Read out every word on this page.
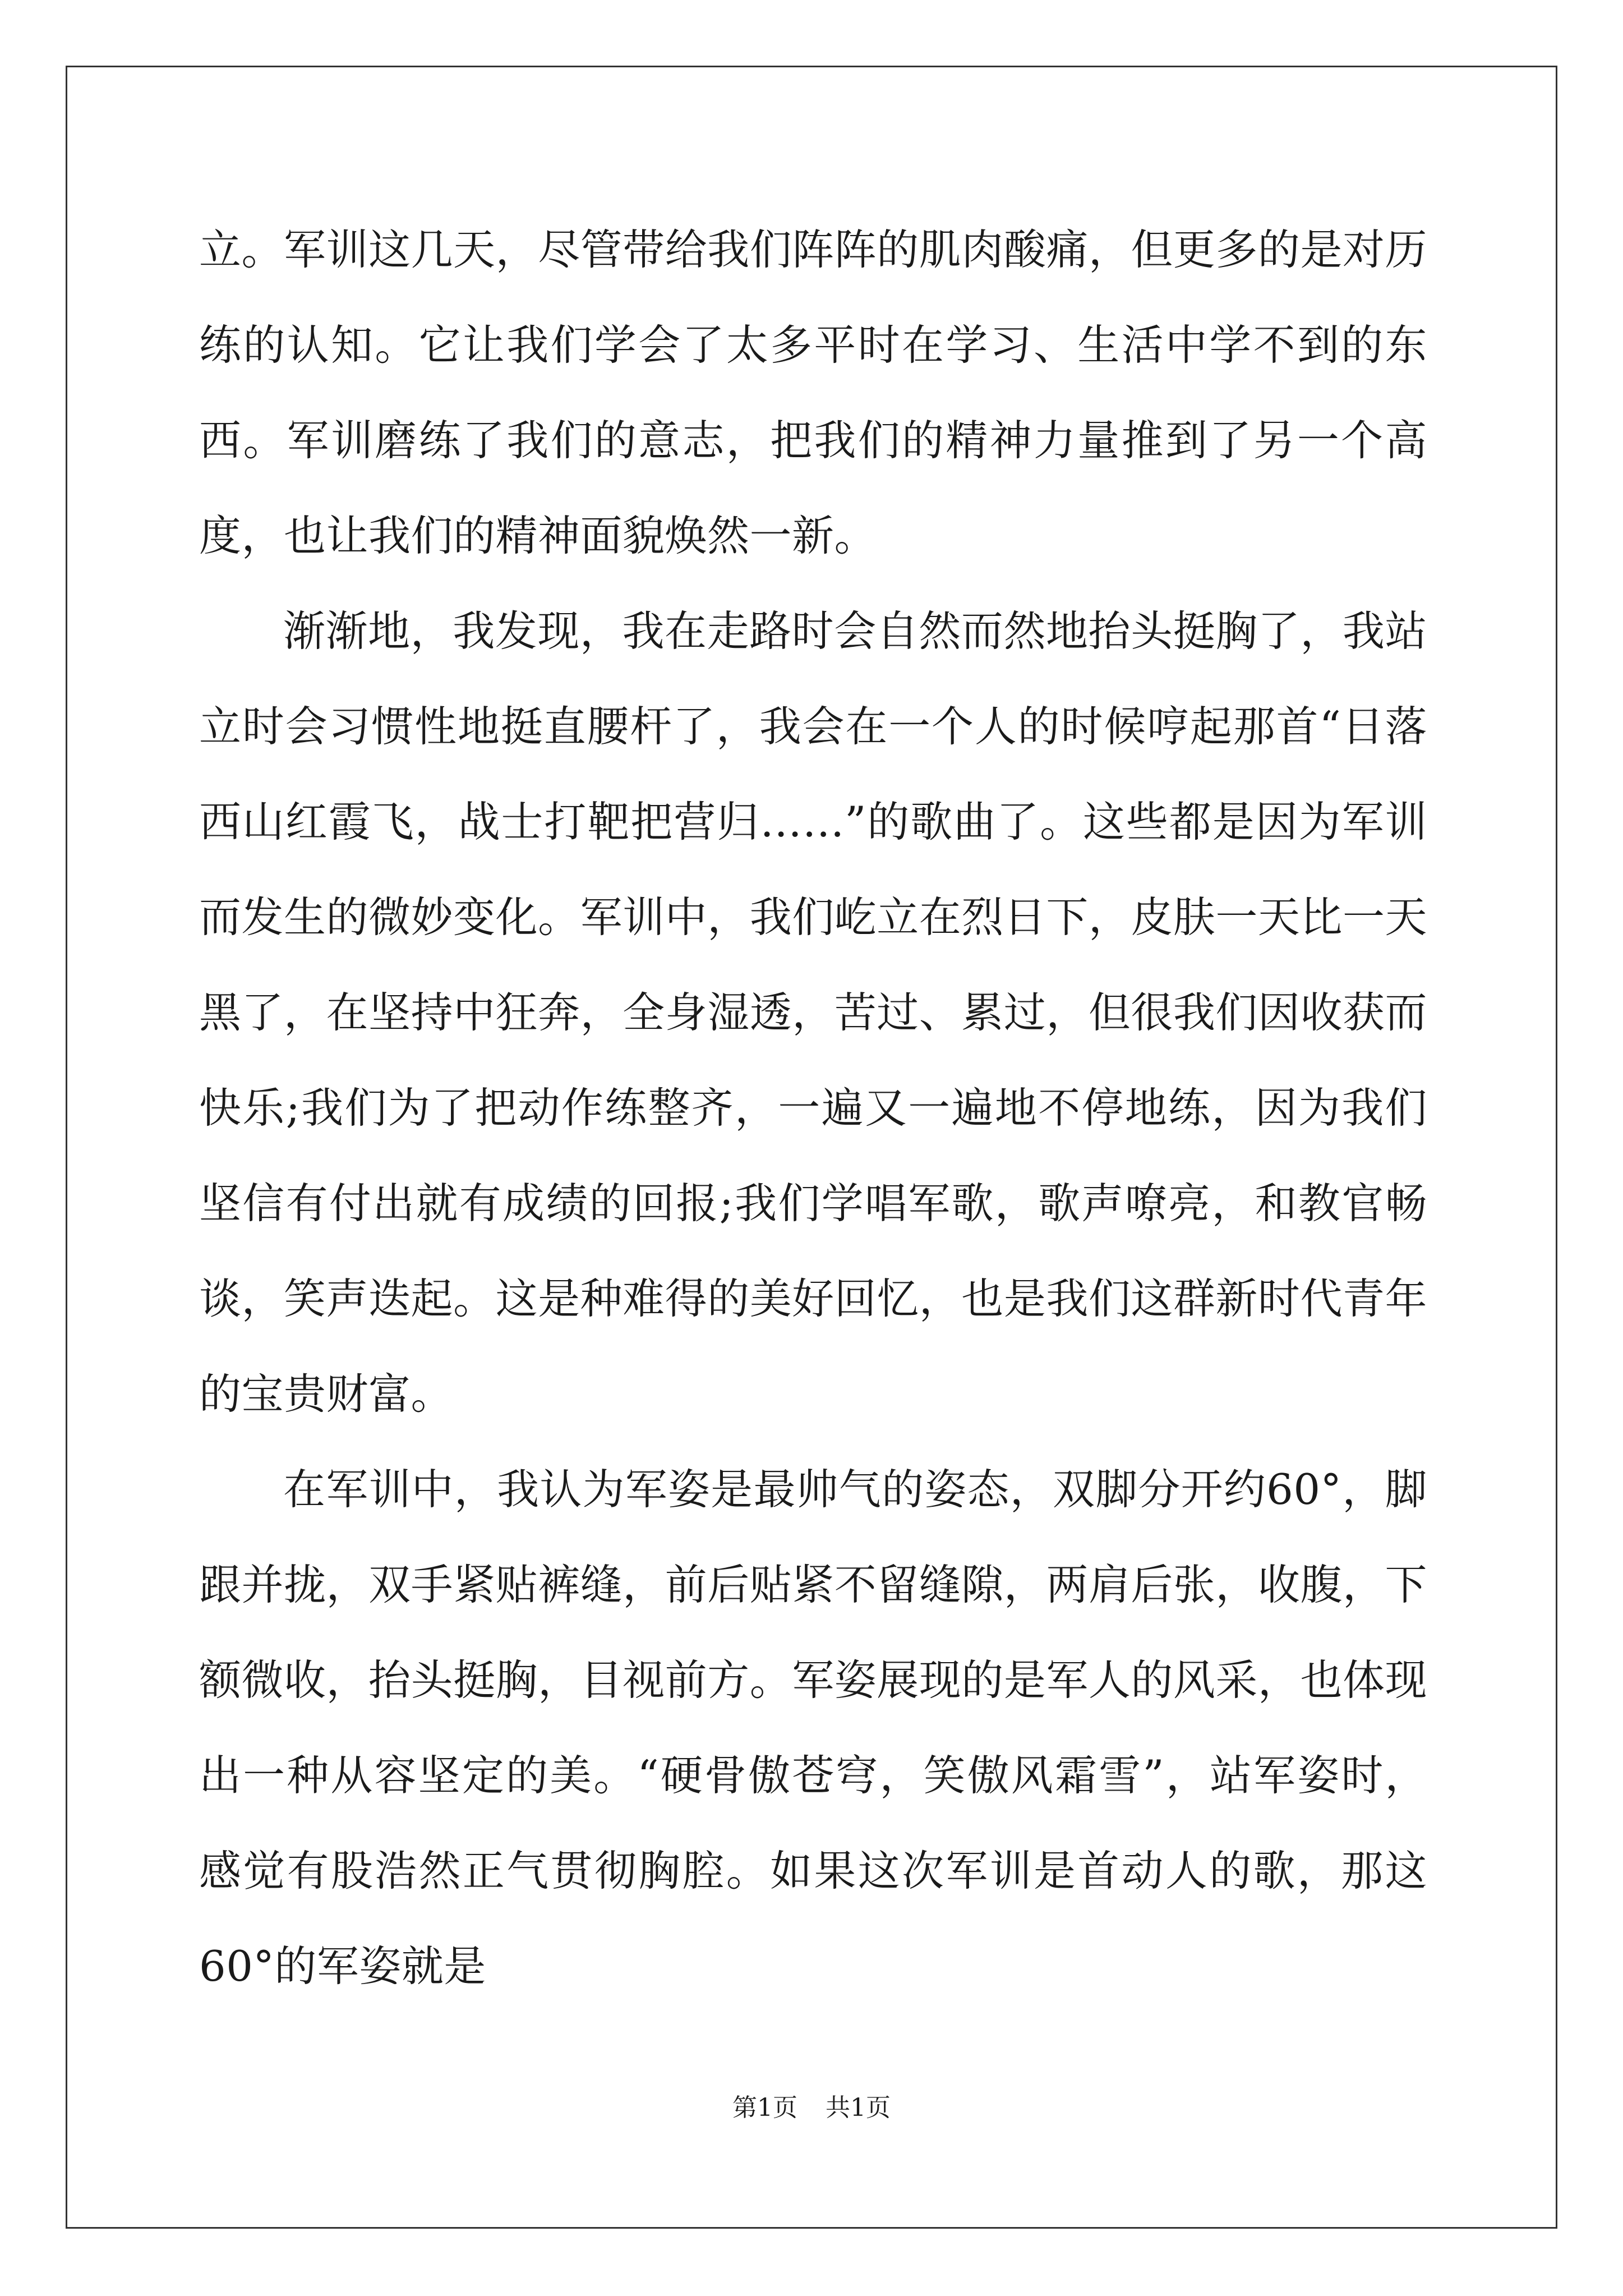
立。军训这几天，尽管带给我们阵阵的肌肉酸痛，但更多的是对历练的认知。它让我们学会了太多平时在学习、生活中学不到的东西。军训磨练了我们的意志，把我们的精神力量推到了另一个高度，也让我们的精神面貌焕然一新。

渐渐地，我发现，我在走路时会自然而然地抬头挺胸了，我站立时会习惯性地挺直腰杆了，我会在一个人的时候哼起那首“日落西山红霞飞，战士打靶把营归……”的歌曲了。这些都是因为军训而发生的微妙变化。军训中，我们屹立在烈日下，皮肤一天比一天黑了，在坚持中狂奔，全身湿透，苦过、累过，但很我们因收获而快乐;我们为了把动作练整齐，一遍又一遍地不停地练，因为我们坚信有付出就有成绩的回报;我们学唱军歌，歌声嘹亮，和教官畅谈，笑声迭起。这是种难得的美好回忆，也是我们这群新时代青年的宝贵财富。

在军训中，我认为军姿是最帅气的姿态，双脚分开约60°，脚跟并拢，双手紧贴裤缝，前后贴紧不留缝隙，两肩后张，收腹，下额微收，抬头挺胸，目视前方。军姿展现的是军人的风采，也体现出一种从容坚定的美。“硬骨傲苍穹，笑傲风霜雪”，站军姿时，感觉有股浩然正气贯彻胸腔。如果这次军训是首动人的歌，那这60°的军姿就是

第1页 共1页
